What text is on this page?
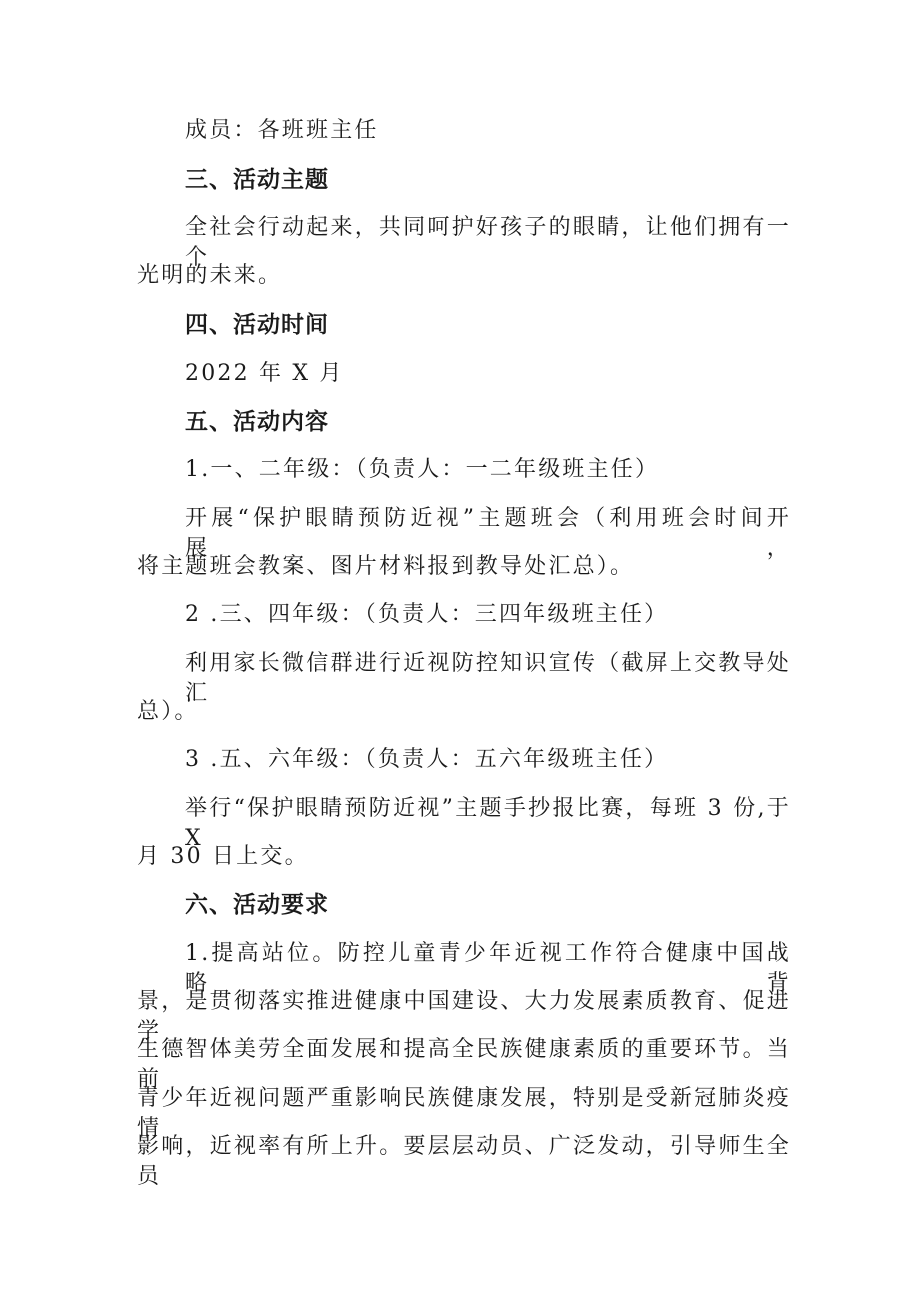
成员：各班班主任
三、活动主题
全社会行动起来，共同呵护好孩子的眼睛，让他们拥有一个
光明的未来。
四、活动时间
2022 年 X 月
五、活动内容
1.一、二年级：（负责人：一二年级班主任）
开展“保护眼睛预防近视”主题班会（利用班会时间开展，
将主题班会教案、图片材料报到教导处汇总）。
2 .三、四年级：（负责人：三四年级班主任）
利用家长微信群进行近视防控知识宣传（截屏上交教导处汇
总）。
3 .五、六年级：（负责人：五六年级班主任）
举行“保护眼睛预防近视”主题手抄报比赛，每班 3 份,于 X
月 30 日上交。
六、活动要求
1.提高站位。防控儿童青少年近视工作符合健康中国战略背
景，是贯彻落实推进健康中国建设、大力发展素质教育、促进学
生德智体美劳全面发展和提高全民族健康素质的重要环节。当前
青少年近视问题严重影响民族健康发展，特别是受新冠肺炎疫情
影响，近视率有所上升。要层层动员、广泛发动，引导师生全员
